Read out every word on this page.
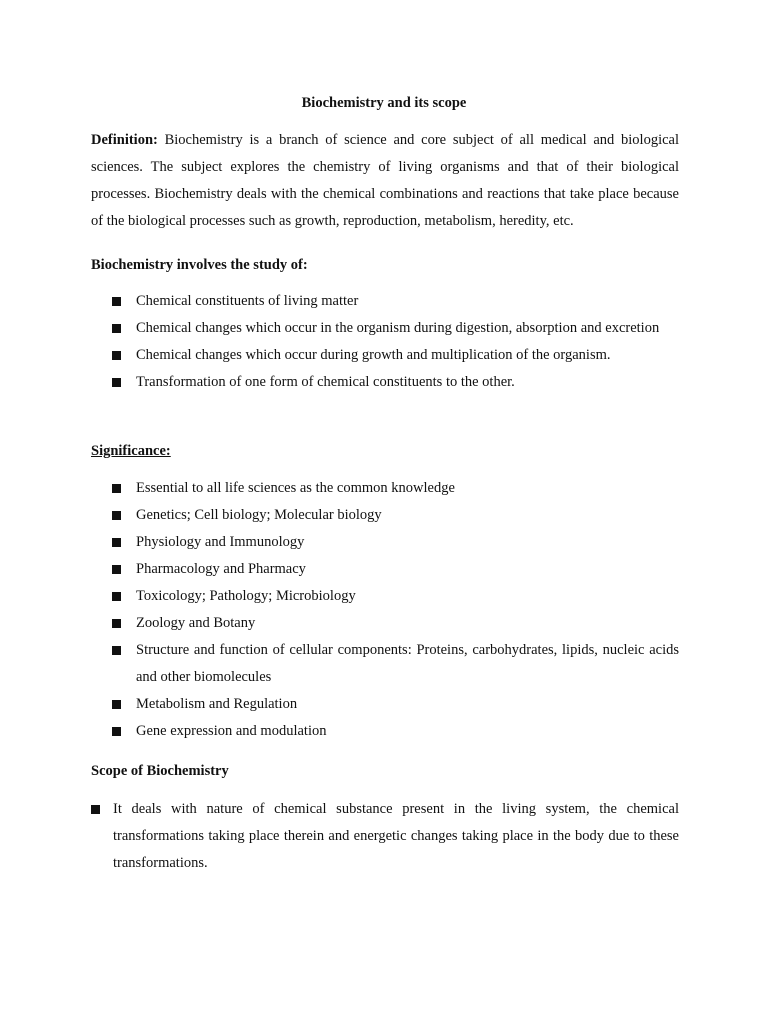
Biochemistry and its scope

Definition: Biochemistry is a branch of science and core subject of all medical and biological sciences. The subject explores the chemistry of living organisms and that of their biological processes. Biochemistry deals with the chemical combinations and reactions that take place because of the biological processes such as growth, reproduction, metabolism, heredity, etc.

Biochemistry involves the study of:
Chemical constituents of living matter
Chemical changes which occur in the organism during digestion, absorption and excretion
Chemical changes which occur during growth and multiplication of the organism.
Transformation of one form of chemical constituents to the other.
Significance:
Essential to all life sciences as the common knowledge
Genetics; Cell biology; Molecular biology
Physiology and Immunology
Pharmacology and Pharmacy
Toxicology; Pathology; Microbiology
Zoology and Botany
Structure and function of cellular components: Proteins, carbohydrates, lipids, nucleic acids and other biomolecules
Metabolism and Regulation
Gene expression and modulation
Scope of Biochemistry
It deals with nature of chemical substance present in the living system, the chemical transformations taking place therein and energetic changes taking place in the body due to these transformations.
